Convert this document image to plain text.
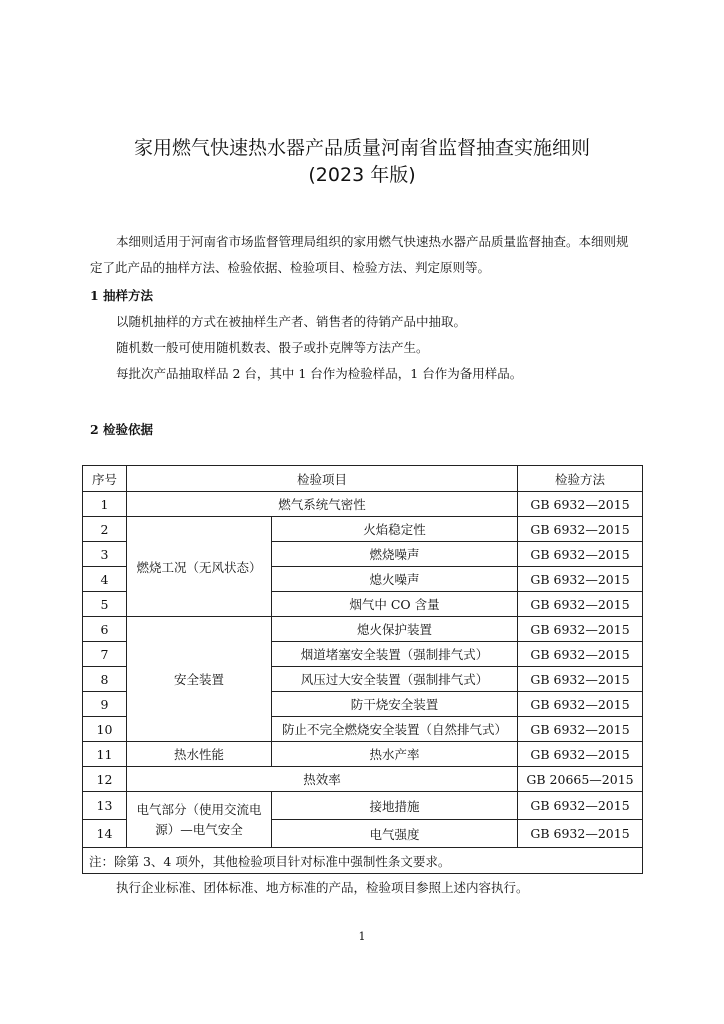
家用燃气快速热水器产品质量河南省监督抽查实施细则
(2023 年版)
本细则适用于河南省市场监督管理局组织的家用燃气快速热水器产品质量监督抽查。本细则规
定了此产品的抽样方法、检验依据、检验项目、检验方法、判定原则等。
1 抽样方法
以随机抽样的方式在被抽样生产者、销售者的待销产品中抽取。
随机数一般可使用随机数表、骰子或扑克牌等方法产生。
每批次产品抽取样品 2 台，其中 1 台作为检验样品，1 台作为备用样品。
2 检验依据
序号	检验项目		检验方法
1	燃气系统气密性		GB 6932—2015
2	燃烧工况（无风状态）	火焰稳定性	GB 6932—2015
3		燃烧噪声	GB 6932—2015
4		熄火噪声	GB 6932—2015
5		烟气中 CO 含量	GB 6932—2015
6	安全装置	熄火保护装置	GB 6932—2015
7		烟道堵塞安全装置（强制排气式）	GB 6932—2015
8		风压过大安全装置（强制排气式）	GB 6932—2015
9		防干烧安全装置	GB 6932—2015
10		防止不完全燃烧安全装置（自然排气式）	GB 6932—2015
11	热水性能	热水产率	GB 6932—2015
12	热效率		GB 20665—2015
13	电气部分（使用交流电
源）—电气安全	接地措施	GB 6932—2015
14		电气强度	GB 6932—2015
注：除第 3、4 项外，其他检验项目针对标准中强制性条文要求。			
执行企业标准、团体标准、地方标准的产品，检验项目参照上述内容执行。
1
